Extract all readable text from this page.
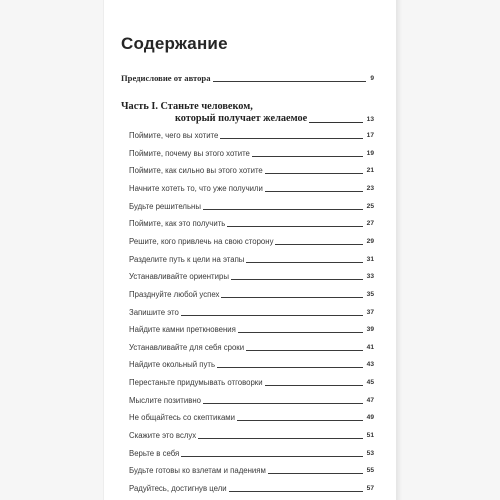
Содержание
Предисловие от автора	9
Часть I. Станьте человеком,
который получает желаемое	13
Поймите, чего вы хотите	17
Поймите, почему вы этого хотите	19
Поймите, как сильно вы этого хотите	21
Начните хотеть то, что уже получили	23
Будьте решительны	25
Поймите, как это получить	27
Решите, кого привлечь на свою сторону	29
Разделите путь к цели на этапы	31
Устанавливайте ориентиры	33
Празднуйте любой успех	35
Запишите это	37
Найдите камни преткновения	39
Устанавливайте для себя сроки	41
Найдите окольный путь	43
Перестаньте придумывать отговорки	45
Мыслите позитивно	47
Не общайтесь со скептиками	49
Скажите это вслух	51
Верьте в себя	53
Будьте готовы ко взлетам и падениям	55
Радуйтесь, достигнув цели	57
